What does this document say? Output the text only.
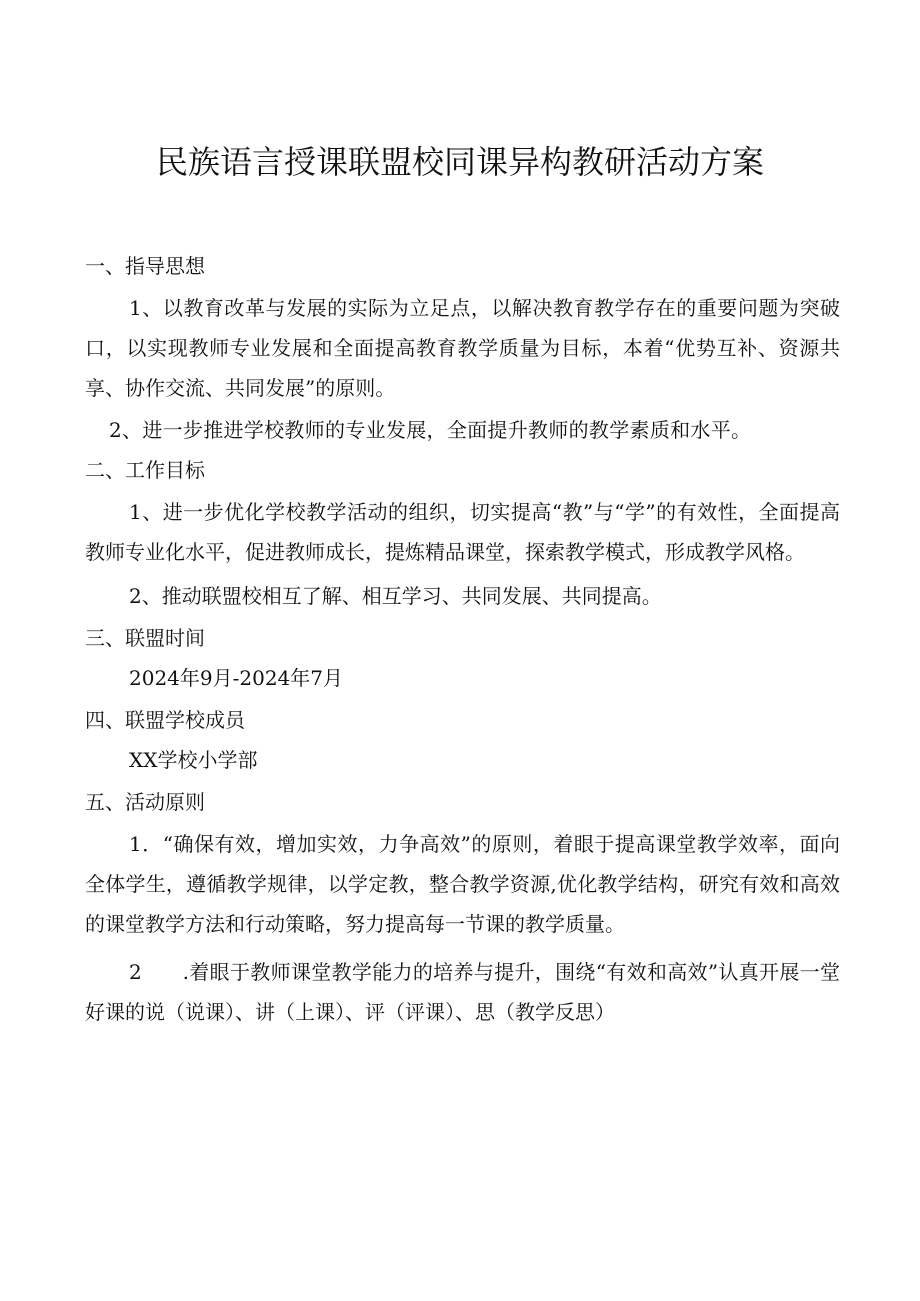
民族语言授课联盟校同课异构教研活动方案
一、指导思想
1、以教育改革与发展的实际为立足点，以解决教育教学存在的重要问题为突破口，以实现教师专业发展和全面提高教育教学质量为目标，本着“优势互补、资源共享、协作交流、共同发展”的原则。
2、进一步推进学校教师的专业发展，全面提升教师的教学素质和水平。
二、工作目标
1、进一步优化学校教学活动的组织，切实提高“教”与“学”的有效性，全面提高教师专业化水平，促进教师成长，提炼精品课堂，探索教学模式，形成教学风格。
2、推动联盟校相互了解、相互学习、共同发展、共同提高。
三、联盟时间
2024年9月-2024年7月
四、联盟学校成员
XX学校小学部
五、活动原则
1．“确保有效，增加实效，力争高效”的原则，着眼于提高课堂教学效率，面向全体学生，遵循教学规律，以学定教，整合教学资源,优化教学结构，研究有效和高效的课堂教学方法和行动策略，努力提高每一节课的教学质量。
2　　.着眼于教师课堂教学能力的培养与提升，围绕“有效和高效”认真开展一堂好课的说（说课）、讲（上课）、评（评课）、思（教学反思）
